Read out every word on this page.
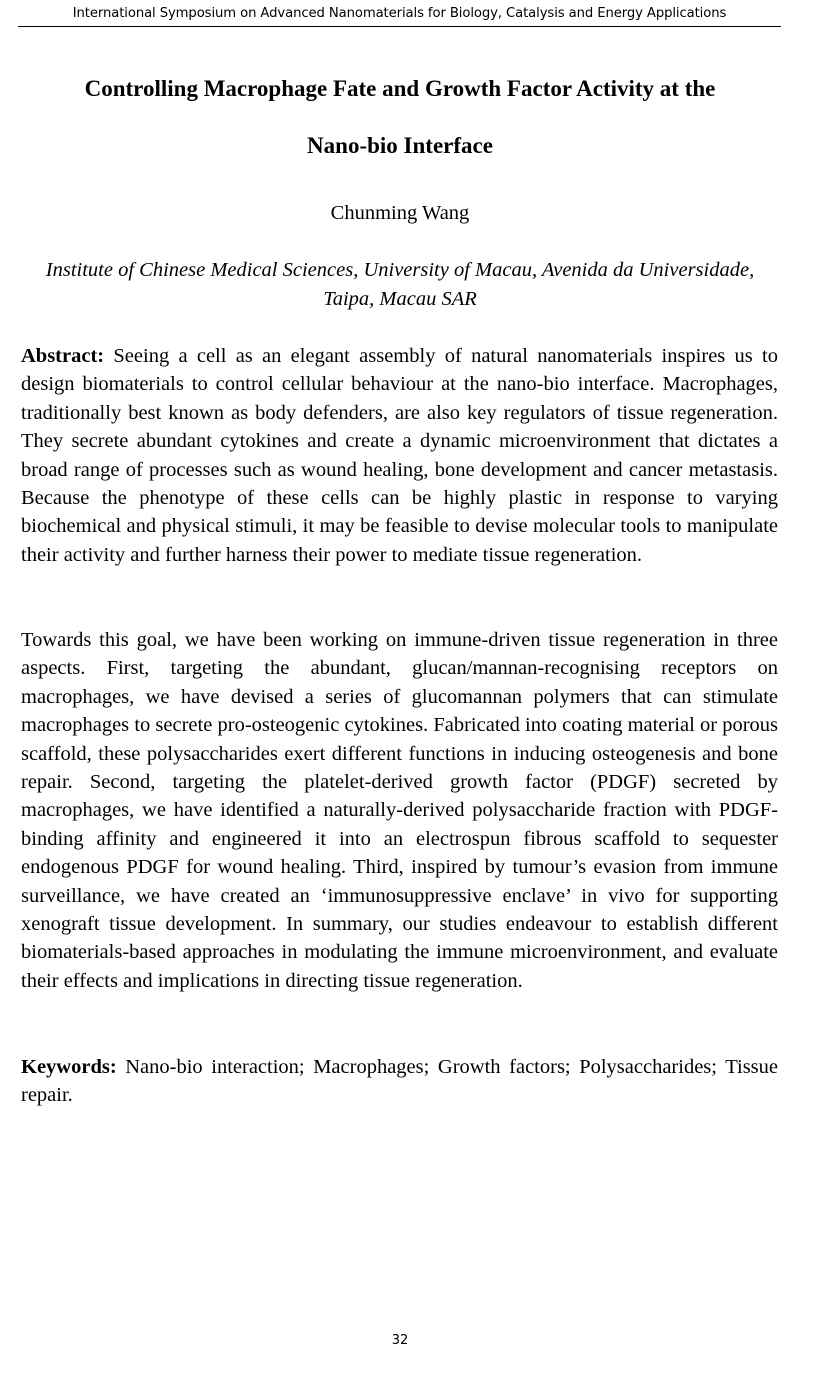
International Symposium on Advanced Nanomaterials for Biology, Catalysis and Energy Applications
Controlling Macrophage Fate and Growth Factor Activity at the
Nano-bio Interface
Chunming Wang
Institute of Chinese Medical Sciences, University of Macau, Avenida da Universidade,
Taipa, Macau SAR

Abstract: Seeing a cell as an elegant assembly of natural nanomaterials inspires us to design biomaterials to control cellular behaviour at the nano-bio interface. Macrophages, traditionally best known as body defenders, are also key regulators of tissue regeneration. They secrete abundant cytokines and create a dynamic microenvironment that dictates a broad range of processes such as wound healing, bone development and cancer metastasis. Because the phenotype of these cells can be highly plastic in response to varying biochemical and physical stimuli, it may be feasible to devise molecular tools to manipulate their activity and further harness their power to mediate tissue regeneration.

Towards this goal, we have been working on immune-driven tissue regeneration in three aspects. First, targeting the abundant, glucan/mannan-recognising receptors on macrophages, we have devised a series of glucomannan polymers that can stimulate macrophages to secrete pro-osteogenic cytokines. Fabricated into coating material or porous scaffold, these polysaccharides exert different functions in inducing osteogenesis and bone repair. Second, targeting the platelet-derived growth factor (PDGF) secreted by macrophages, we have identified a naturally-derived polysaccharide fraction with PDGF-binding affinity and engineered it into an electrospun fibrous scaffold to sequester endogenous PDGF for wound healing. Third, inspired by tumour’s evasion from immune surveillance, we have created an ‘immunosuppressive enclave’ in vivo for supporting xenograft tissue development. In summary, our studies endeavour to establish different biomaterials-based approaches in modulating the immune microenvironment, and evaluate their effects and implications in directing tissue regeneration.

Keywords: Nano-bio interaction; Macrophages; Growth factors; Polysaccharides; Tissue repair.

32
